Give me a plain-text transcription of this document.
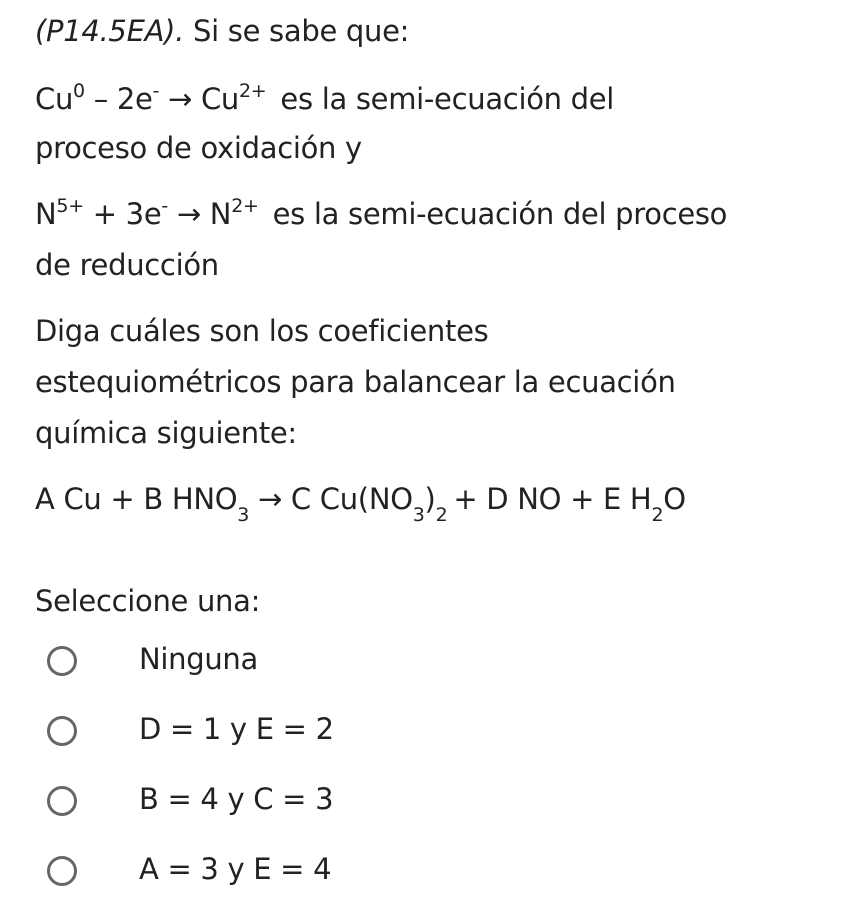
(P14.5EA). Si se sabe que:
$Cu^0 - 2e^- \to Cu^{2+}$ es la semi-ecuación del
proceso de oxidación y
$N^{5+} + 3e^- \to N^{2+}$ es la semi-ecuación del proceso
de reducción
Diga cuáles son los coeficientes
estequiométricos para balancear la ecuación
química siguiente:
A Cu + B $HNO_3 \to C$ $Cu(NO_3)_2 + D$ NO + E $H_2O$
Seleccione una:
Ninguna
D = 1 y E = 2
B = 4 y C = 3
A = 3 y E = 4
